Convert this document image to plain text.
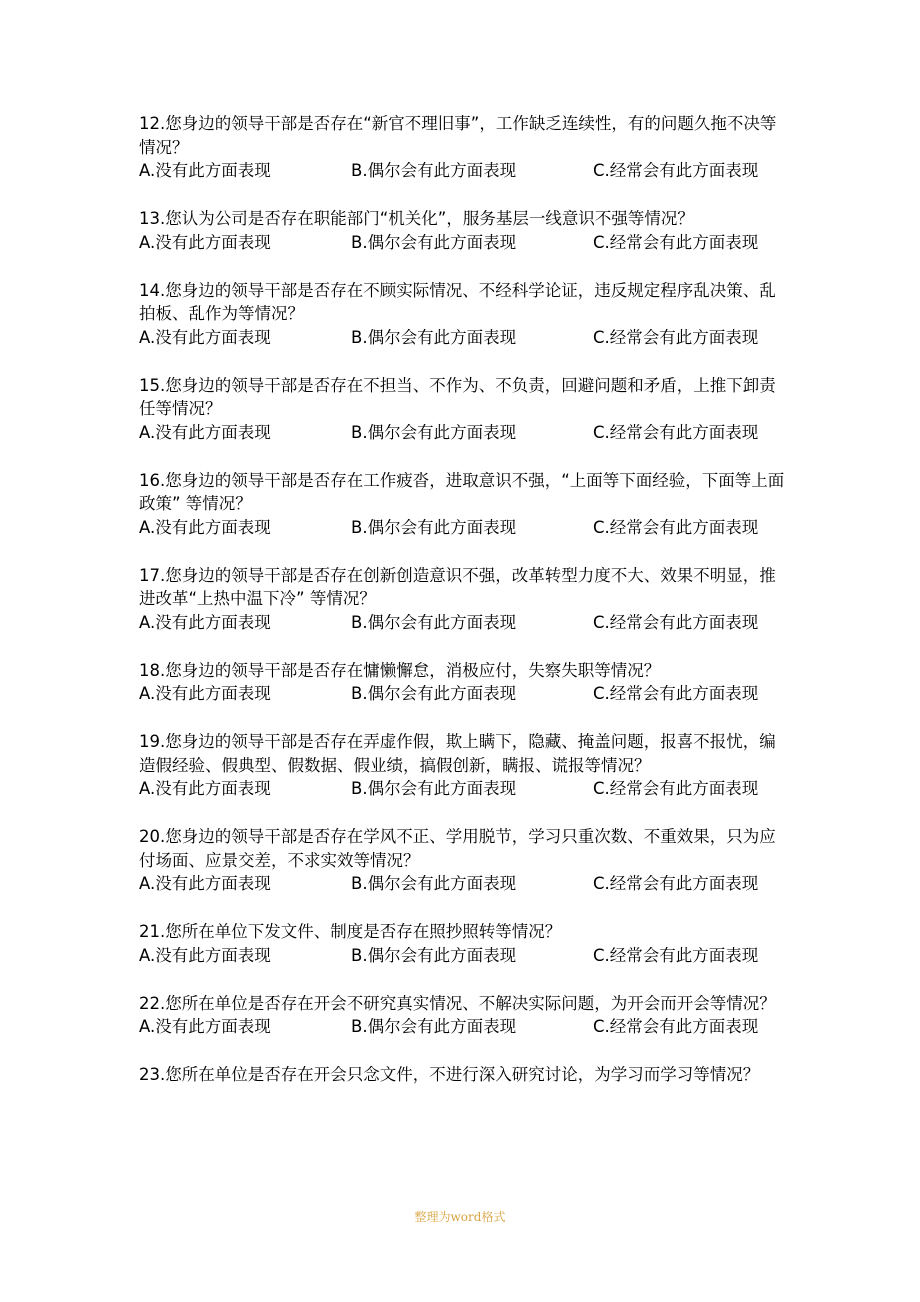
12.您身边的领导干部是否存在“新官不理旧事”，工作缺乏连续性，有的问题久拖不决等情况？

A.没有此方面表现	B.偶尔会有此方面表现	C.经常会有此方面表现

13.您认为公司是否存在职能部门“机关化”，服务基层一线意识不强等情况？

A.没有此方面表现	B.偶尔会有此方面表现	C.经常会有此方面表现

14.您身边的领导干部是否存在不顾实际情况、不经科学论证，违反规定程序乱决策、乱拍板、乱作为等情况？

A.没有此方面表现	B.偶尔会有此方面表现	C.经常会有此方面表现

15.您身边的领导干部是否存在不担当、不作为、不负责，回避问题和矛盾，上推下卸责任等情况？

A.没有此方面表现	B.偶尔会有此方面表现	C.经常会有此方面表现

16.您身边的领导干部是否存在工作疲沓，进取意识不强，“上面等下面经验，下面等上面政策” 等情况？

A.没有此方面表现	B.偶尔会有此方面表现	C.经常会有此方面表现

17.您身边的领导干部是否存在创新创造意识不强，改革转型力度不大、效果不明显，推进改革“上热中温下冷” 等情况？

A.没有此方面表现	B.偶尔会有此方面表现	C.经常会有此方面表现

18.您身边的领导干部是否存在慵懒懈怠，消极应付，失察失职等情况？

A.没有此方面表现	B.偶尔会有此方面表现	C.经常会有此方面表现

19.您身边的领导干部是否存在弄虚作假，欺上瞒下，隐藏、掩盖问题，报喜不报忧，编造假经验、假典型、假数据、假业绩，搞假创新，瞒报、谎报等情况？

A.没有此方面表现	B.偶尔会有此方面表现	C.经常会有此方面表现

20.您身边的领导干部是否存在学风不正、学用脱节，学习只重次数、不重效果，只为应付场面、应景交差，不求实效等情况？

A.没有此方面表现	B.偶尔会有此方面表现	C.经常会有此方面表现

21.您所在单位下发文件、制度是否存在照抄照转等情况？

A.没有此方面表现	B.偶尔会有此方面表现	C.经常会有此方面表现

22.您所在单位是否存在开会不研究真实情况、不解决实际问题，为开会而开会等情况？

A.没有此方面表现	B.偶尔会有此方面表现	C.经常会有此方面表现

23.您所在单位是否存在开会只念文件，不进行深入研究讨论，为学习而学习等情况？

整理为word格式
